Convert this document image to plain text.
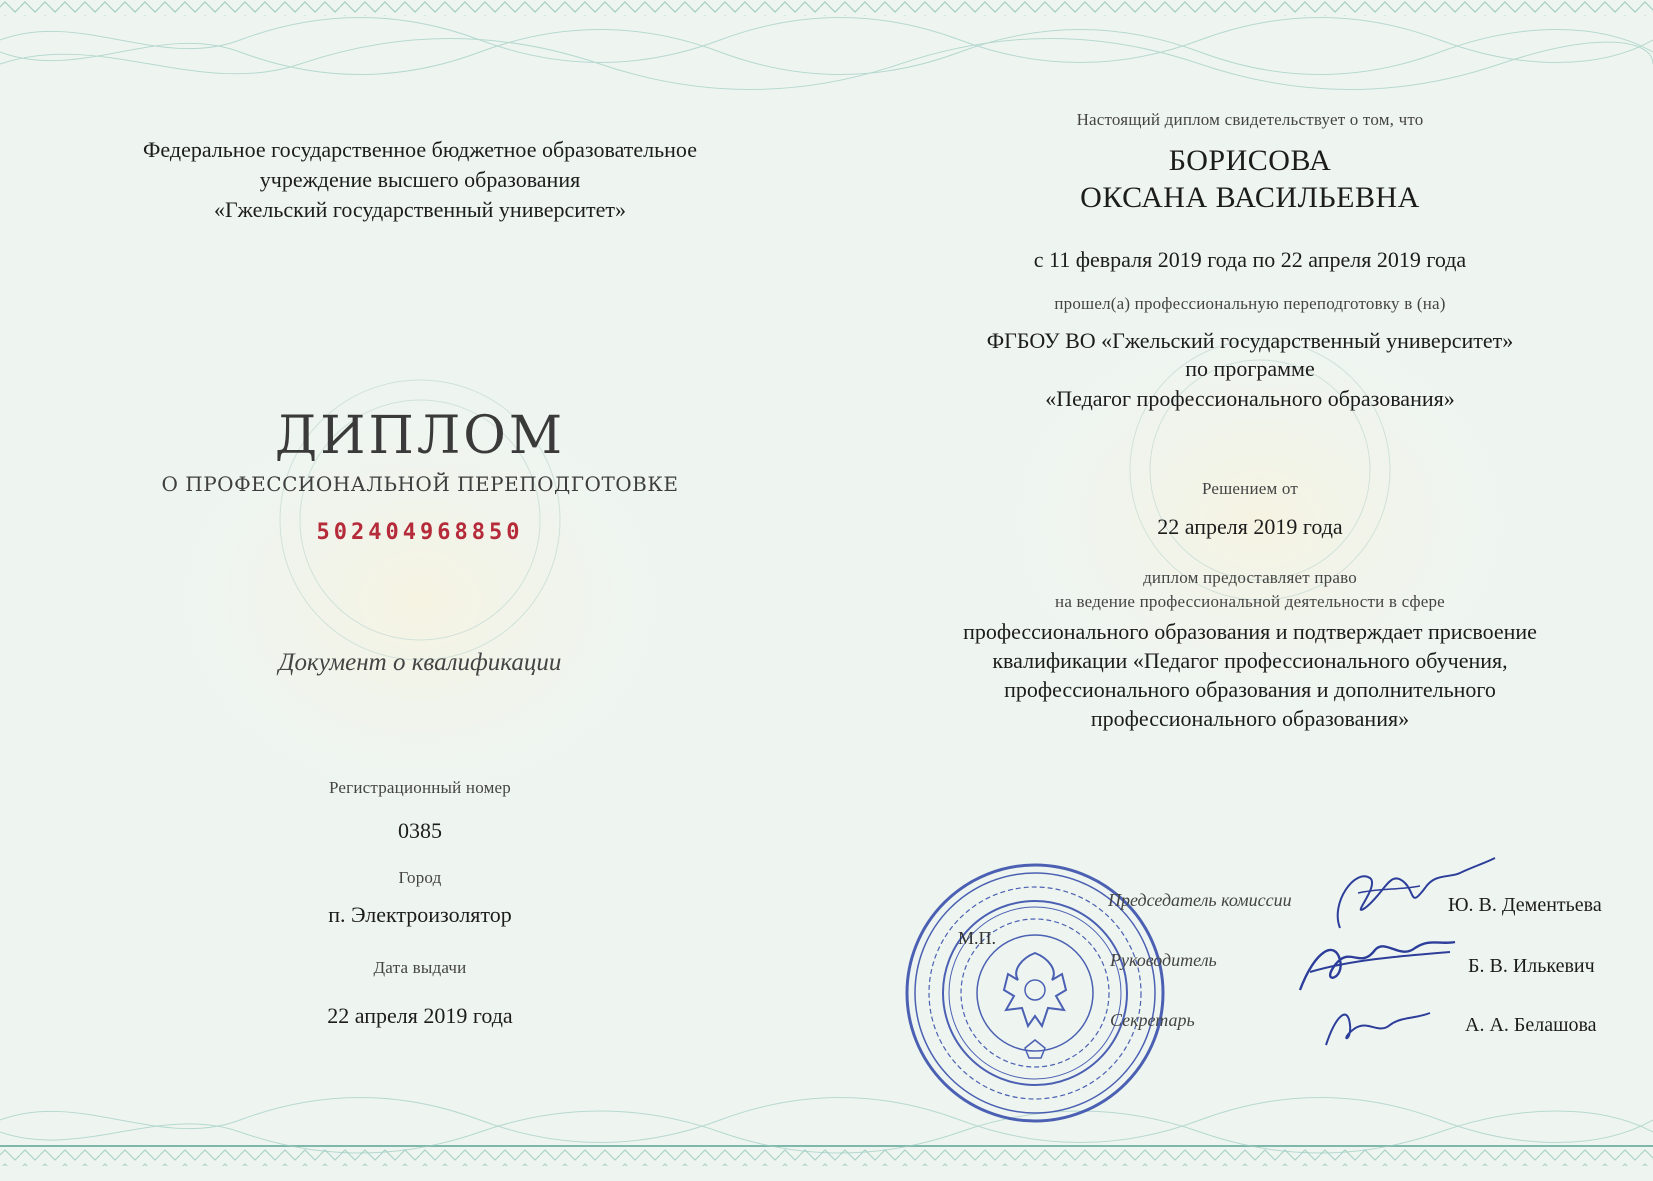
Федеральное государственное бюджетное образовательное
учреждение высшего образования
«Гжельский государственный университет»
ДИПЛОМ
О ПРОФЕССИОНАЛЬНОЙ ПЕРЕПОДГОТОВКЕ
502404968850
Документ о квалификации
Регистрационный номер
0385
Город
п. Электроизолятор
Дата выдачи
22 апреля 2019 года
Настоящий диплом свидетельствует о том, что
БОРИСОВА
ОКСАНА ВАСИЛЬЕВНА
с 11 февраля 2019 года по 22 апреля 2019 года
прошел(а) профессиональную переподготовку в (на)
ФГБОУ ВО «Гжельский государственный университет»
по программе
«Педагог профессионального образования»
Решением от
22 апреля 2019 года
диплом предоставляет право
на ведение профессиональной деятельности в сфере
профессионального образования и подтверждает присвоение
квалификации «Педагог профессионального обучения,
профессионального образования и дополнительного
профессионального образования»
М.П.
Председатель комиссии	Ю. В. Дементьева
Руководитель	Б. В. Илькевич
Секретарь	А. А. Белашова
